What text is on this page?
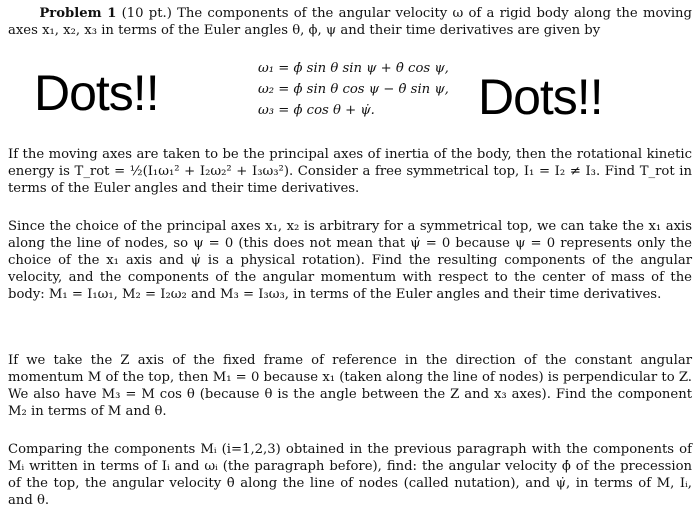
Problem 1 (10 pt.) The components of the angular velocity ω of a rigid body along the moving axes x₁, x₂, x₃ in terms of the Euler angles θ, ϕ, ψ and their time derivatives are given by

Dots!!	Dots!!
ω₁ = ϕ̇ sin θ sin ψ + θ̇ cos ψ,
ω₂ = ϕ̇ sin θ cos ψ − θ̇ sin ψ,
ω₃ = ϕ̇ cos θ + ψ̇.

If the moving axes are taken to be the principal axes of inertia of the body, then the rotational kinetic energy is T_rot = ½(I₁ω₁² + I₂ω₂² + I₃ω₃²). Consider a free symmetrical top, I₁ = I₂ ≠ I₃. Find T_rot in terms of the Euler angles and their time derivatives.

Since the choice of the principal axes x₁, x₂ is arbitrary for a symmetrical top, we can take the x₁ axis along the line of nodes, so ψ = 0 (this does not mean that ψ̇ = 0 because ψ = 0 represents only the choice of the x₁ axis and ψ̇ is a physical rotation). Find the resulting components of the angular velocity, and the components of the angular momentum with respect to the center of mass of the body: M₁ = I₁ω₁, M₂ = I₂ω₂ and M₃ = I₃ω₃, in terms of the Euler angles and their time derivatives.

If we take the Z axis of the fixed frame of reference in the direction of the constant angular momentum M of the top, then M₁ = 0 because x₁ (taken along the line of nodes) is perpendicular to Z. We also have M₃ = M cos θ (because θ is the angle between the Z and x₃ axes). Find the component M₂ in terms of M and θ.

Comparing the components Mᵢ (i=1,2,3) obtained in the previous paragraph with the components of Mᵢ written in terms of Iᵢ and ωᵢ (the paragraph before), find: the angular velocity ϕ̇ of the precession of the top, the angular velocity θ̇ along the line of nodes (called nutation), and ψ̇, in terms of M, Iᵢ, and θ.
